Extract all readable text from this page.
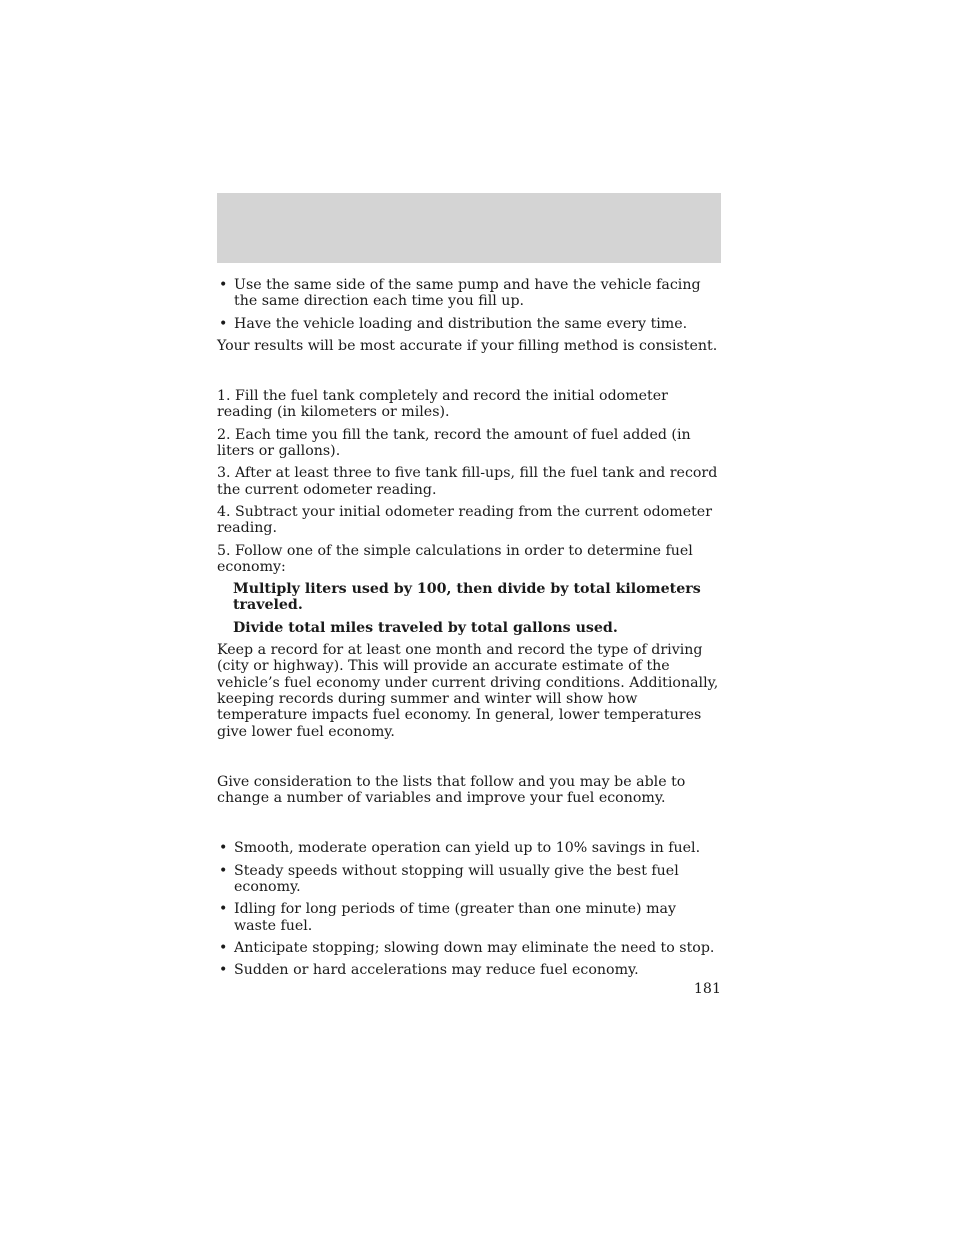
• Use the same side of the same pump and have the vehicle facing the same direction each time you fill up.
• Have the vehicle loading and distribution the same every time.

Your results will be most accurate if your filling method is consistent.

1. Fill the fuel tank completely and record the initial odometer reading (in kilometers or miles).

2. Each time you fill the tank, record the amount of fuel added (in liters or gallons).

3. After at least three to five tank fill-ups, fill the fuel tank and record the current odometer reading.

4. Subtract your initial odometer reading from the current odometer reading.

5. Follow one of the simple calculations in order to determine fuel economy:

Multiply liters used by 100, then divide by total kilometers traveled.

Divide total miles traveled by total gallons used.

Keep a record for at least one month and record the type of driving (city or highway). This will provide an accurate estimate of the vehicle’s fuel economy under current driving conditions. Additionally, keeping records during summer and winter will show how temperature impacts fuel economy. In general, lower temperatures give lower fuel economy.

Give consideration to the lists that follow and you may be able to change a number of variables and improve your fuel economy.

• Smooth, moderate operation can yield up to 10% savings in fuel.
• Steady speeds without stopping will usually give the best fuel economy.
• Idling for long periods of time (greater than one minute) may waste fuel.
• Anticipate stopping; slowing down may eliminate the need to stop.
• Sudden or hard accelerations may reduce fuel economy.
181
